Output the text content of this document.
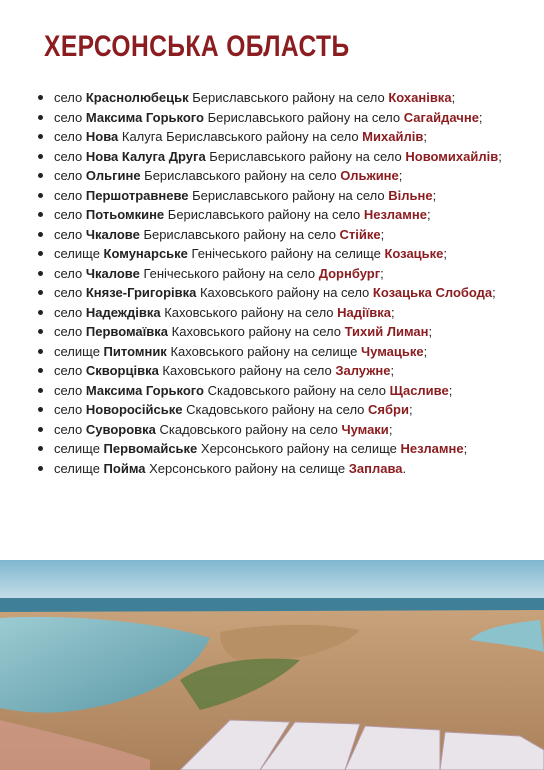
ХЕРСОНСЬКА ОБЛАСТЬ
село Краснолюбецьк Бериславського району на село Коханівка;
село Максима Горького Бериславського району на село Сагайдачне;
село Нова Калуга Бериславського району на село Михайлів;
село Нова Калуга Друга Бериславського району на село Новомихайлів;
село Ольгине Бериславського району на село Ольжине;
село Першотравневе Бериславського району на село Вільне;
село Потьомкине Бериславського району на село Незламне;
село Чкалове Бериславського району на село Стійке;
селище Комунарське Генічеського району на селище Козацьке;
село Чкалове Генічеського району на село Дорнбург;
село Князе-Григорівка Каховського району на село Козацька Слобода;
село Надеждівка Каховського району на село Надіївка;
село Первомаївка Каховського району на село Тихий Лиман;
селище Питомник Каховського району на селище Чумацьке;
село Скворцівка Каховського району на село Залужне;
село Максима Горького Скадовського району на село Щасливе;
село Новоросійське Скадовського району на село Сябри;
село Суворовка Скадовського району на село Чумаки;
селище Первомайське Херсонського району на селище Незламне;
селище Пойма Херсонського району на селище Заплава.
